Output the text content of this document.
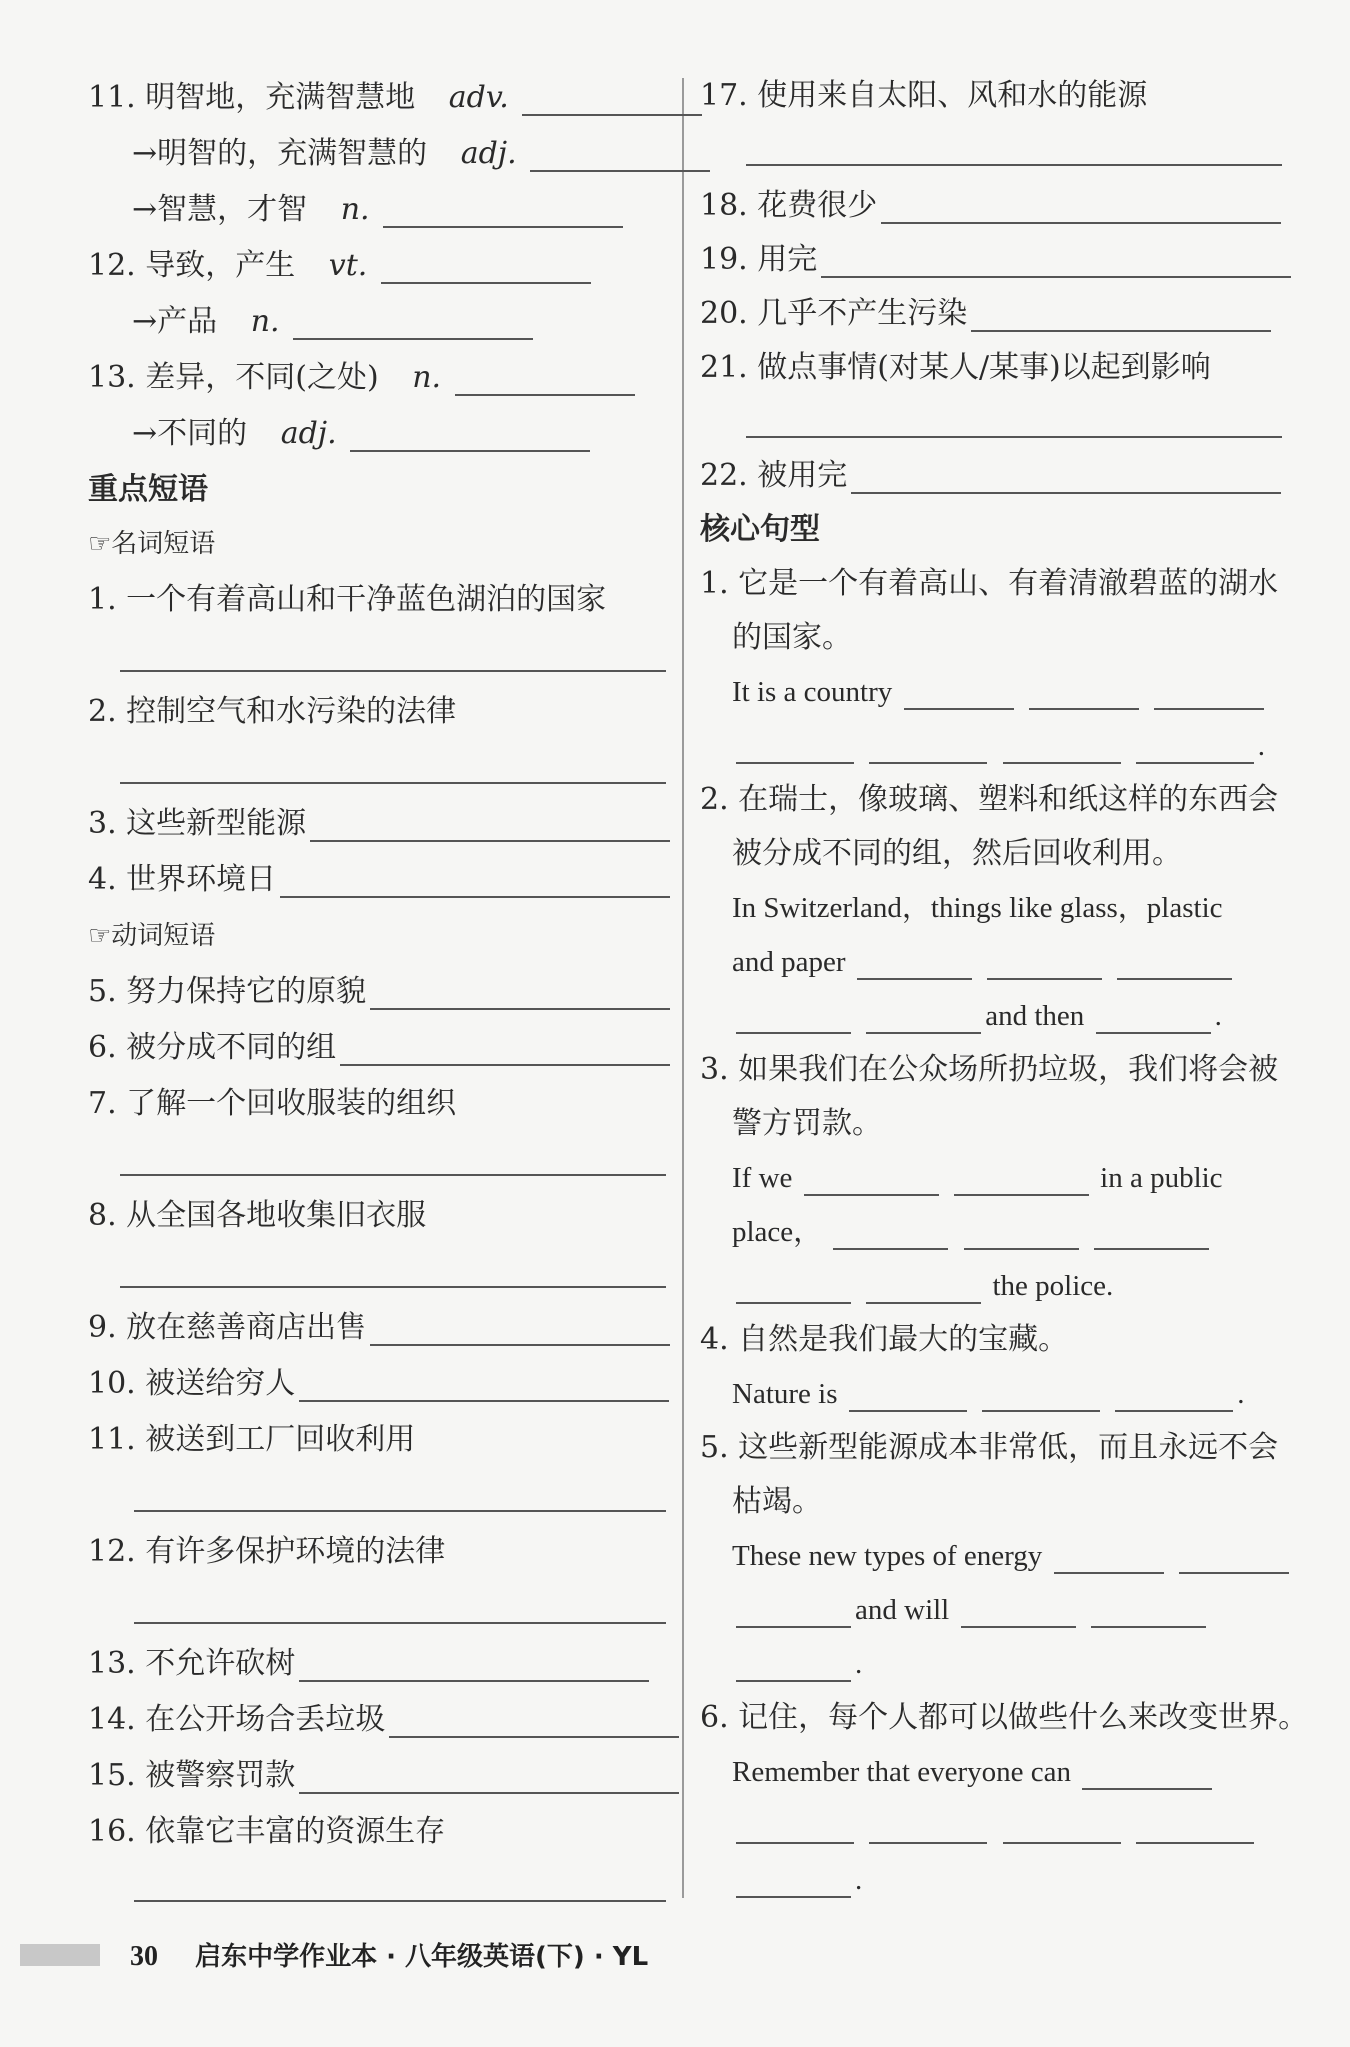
11. 明智地，充满智慧地 adv.
→明智的，充满智慧的 adj.
→智慧，才智 n.
12. 导致，产生 vt.
→产品 n.
13. 差异，不同(之处) n.
→不同的 adj.
重点短语
☞名词短语
1. 一个有着高山和干净蓝色湖泊的国家
2. 控制空气和水污染的法律
3. 这些新型能源
4. 世界环境日
☞动词短语
5. 努力保持它的原貌
6. 被分成不同的组
7. 了解一个回收服装的组织
8. 从全国各地收集旧衣服
9. 放在慈善商店出售
10. 被送给穷人
11. 被送到工厂回收利用
12. 有许多保护环境的法律
13. 不允许砍树
14. 在公开场合丢垃圾
15. 被警察罚款
16. 依靠它丰富的资源生存
17. 使用来自太阳、风和水的能源
18. 花费很少
19. 用完
20. 几乎不产生污染
21. 做点事情(对某人/某事)以起到影响
22. 被用完
核心句型
1. 它是一个有着高山、有着清澈碧蓝的湖水
的国家。
It is a country
.
2. 在瑞士，像玻璃、塑料和纸这样的东西会
被分成不同的组，然后回收利用。
In Switzerland，things like glass，plastic
and paper
and then	.
3. 如果我们在公众场所扔垃圾，我们将会被
警方罚款。
If we	in a public
place，
the police.
4. 自然是我们最大的宝藏。
Nature is	.
5. 这些新型能源成本非常低，而且永远不会
枯竭。
These new types of energy
and will
.
6. 记住，每个人都可以做些什么来改变世界。
Remember that everyone can

.
30 启东中学作业本 · 八年级英语(下) · YL
